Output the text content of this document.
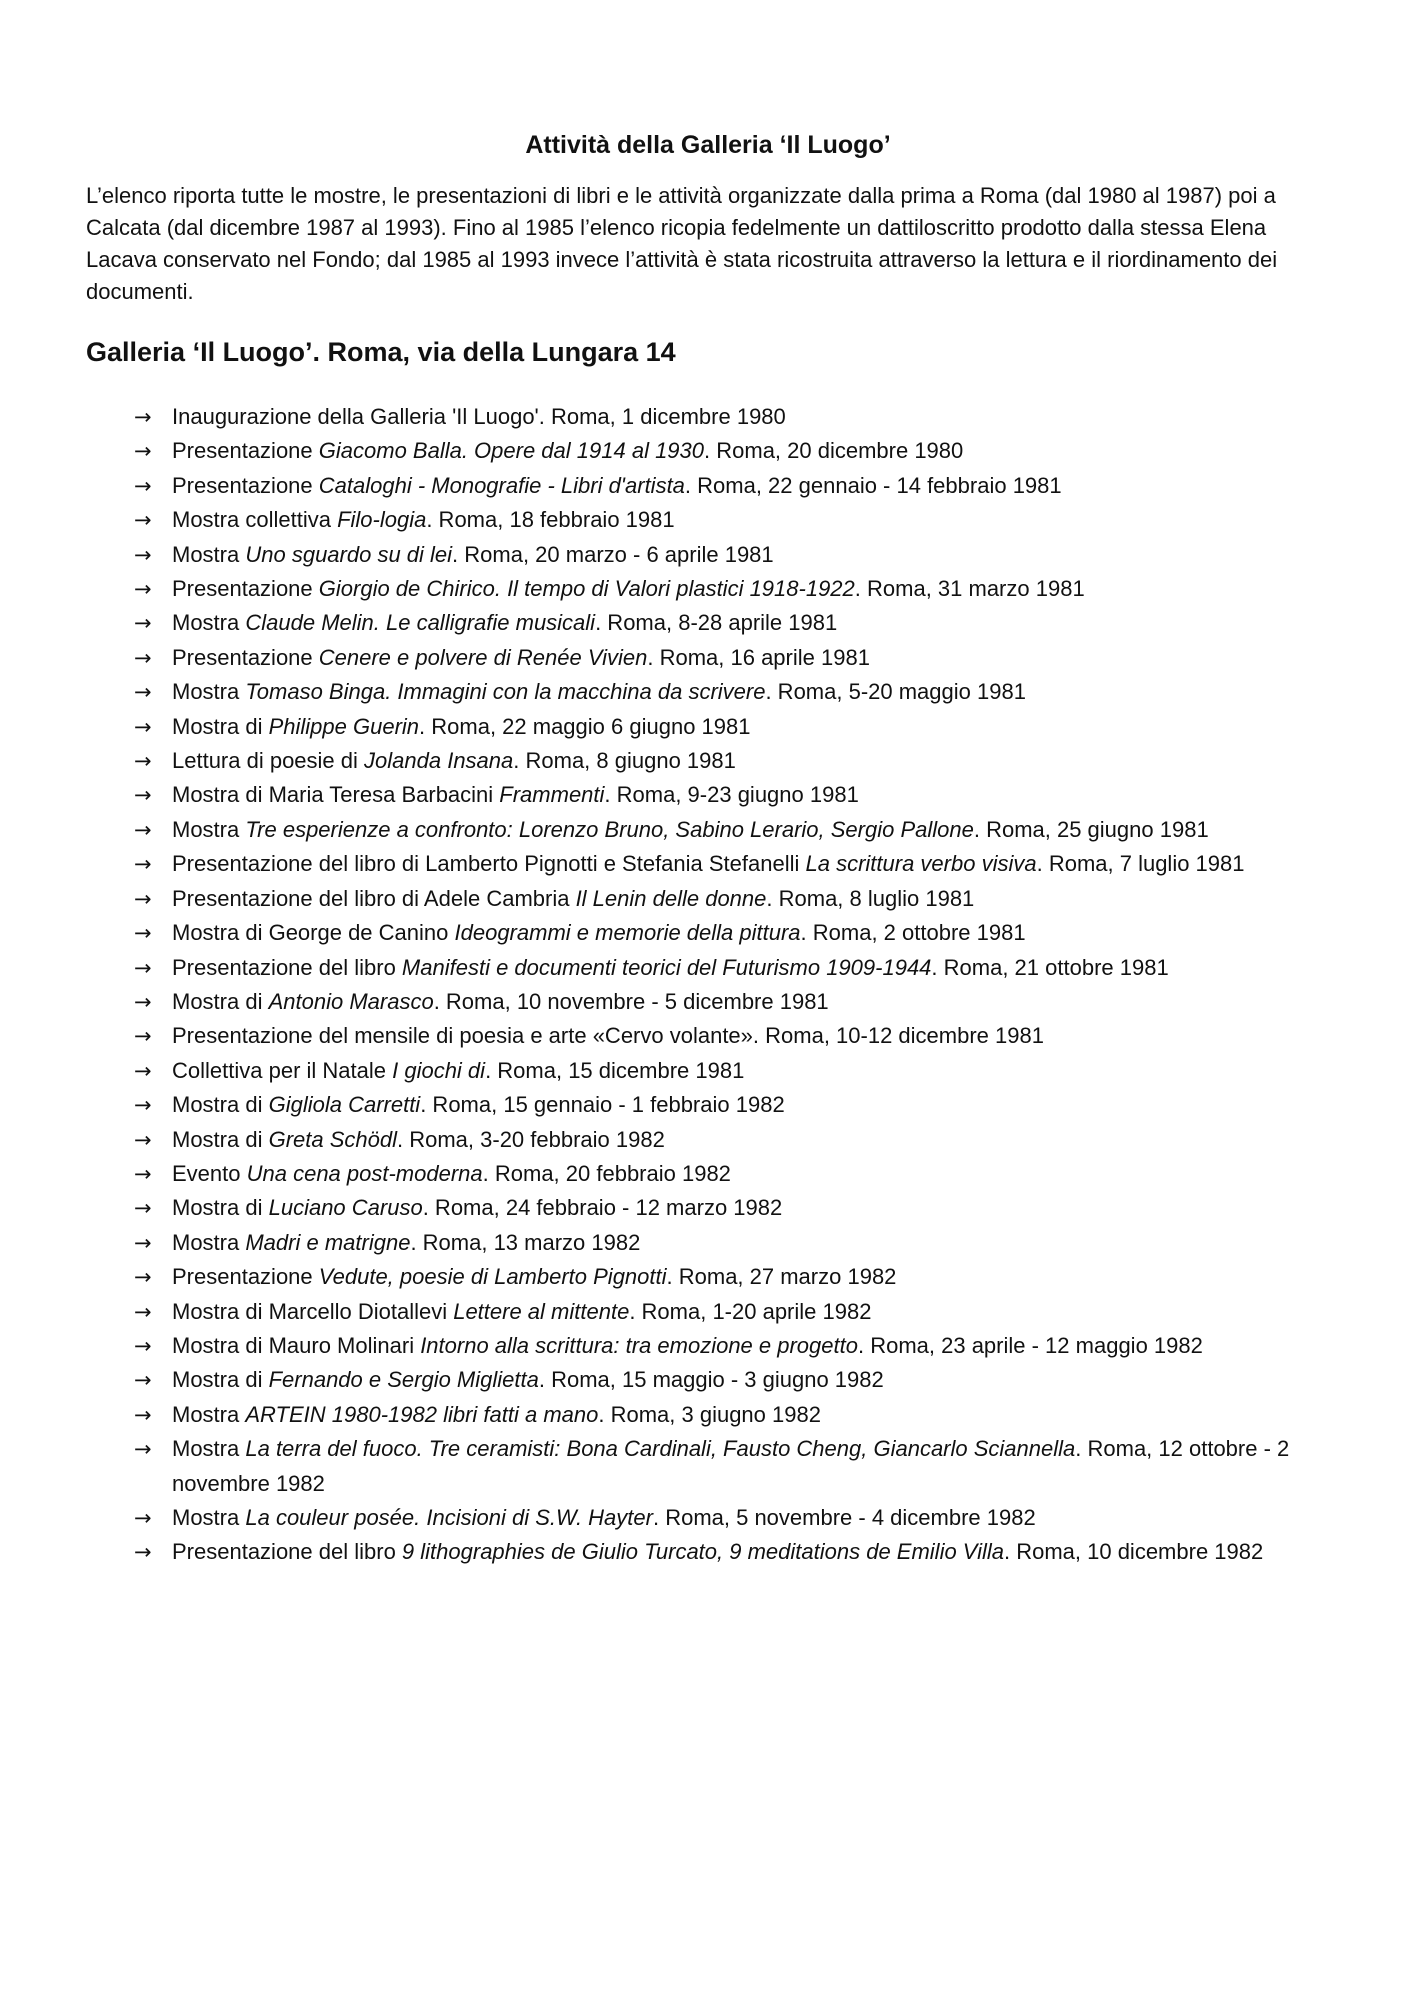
Attività della Galleria ‘Il Luogo’

L’elenco riporta tutte le mostre, le presentazioni di libri e le attività organizzate dalla prima a Roma (dal 1980 al 1987) poi a Calcata (dal dicembre 1987 al 1993). Fino al 1985 l’elenco ricopia fedelmente un dattiloscritto prodotto dalla stessa Elena Lacava conservato nel Fondo; dal 1985 al 1993 invece l’attività è stata ricostruita attraverso la lettura e il riordinamento dei documenti.

Galleria ‘Il Luogo’. Roma, via della Lungara 14
→ Inaugurazione della Galleria 'Il Luogo'. Roma, 1 dicembre 1980
→ Presentazione Giacomo Balla. Opere dal 1914 al 1930. Roma, 20 dicembre 1980
→ Presentazione Cataloghi - Monografie - Libri d'artista. Roma, 22 gennaio - 14 febbraio 1981
→ Mostra collettiva Filo-logia. Roma, 18 febbraio 1981
→ Mostra Uno sguardo su di lei. Roma, 20 marzo - 6 aprile 1981
→ Presentazione Giorgio de Chirico. Il tempo di Valori plastici 1918-1922. Roma, 31 marzo 1981
→ Mostra Claude Melin. Le calligrafie musicali. Roma, 8-28 aprile 1981
→ Presentazione Cenere e polvere di Renée Vivien. Roma, 16 aprile 1981
→ Mostra Tomaso Binga. Immagini con la macchina da scrivere. Roma, 5-20 maggio 1981
→ Mostra di Philippe Guerin. Roma, 22 maggio 6 giugno 1981
→ Lettura di poesie di Jolanda Insana. Roma, 8 giugno 1981
→ Mostra di Maria Teresa Barbacini Frammenti. Roma, 9-23 giugno 1981
→ Mostra Tre esperienze a confronto: Lorenzo Bruno, Sabino Lerario, Sergio Pallone. Roma, 25 giugno 1981
→ Presentazione del libro di Lamberto Pignotti e Stefania Stefanelli La scrittura verbo visiva. Roma, 7 luglio 1981
→ Presentazione del libro di Adele Cambria Il Lenin delle donne. Roma, 8 luglio 1981
→ Mostra di George de Canino Ideogrammi e memorie della pittura. Roma, 2 ottobre 1981
→ Presentazione del libro Manifesti e documenti teorici del Futurismo 1909-1944. Roma, 21 ottobre 1981
→ Mostra di Antonio Marasco. Roma, 10 novembre - 5 dicembre 1981
→ Presentazione del mensile di poesia e arte «Cervo volante». Roma, 10-12 dicembre 1981
→ Collettiva per il Natale I giochi di. Roma, 15 dicembre 1981
→ Mostra di Gigliola Carretti. Roma, 15 gennaio - 1 febbraio 1982
→ Mostra di Greta Schödl. Roma, 3-20 febbraio 1982
→ Evento Una cena post-moderna. Roma, 20 febbraio 1982
→ Mostra di Luciano Caruso. Roma, 24 febbraio - 12 marzo 1982
→ Mostra Madri e matrigne. Roma, 13 marzo 1982
→ Presentazione Vedute, poesie di Lamberto Pignotti. Roma, 27 marzo 1982
→ Mostra di Marcello Diotallevi Lettere al mittente. Roma, 1-20 aprile 1982
→ Mostra di Mauro Molinari Intorno alla scrittura: tra emozione e progetto. Roma, 23 aprile - 12 maggio 1982
→ Mostra di Fernando e Sergio Miglietta. Roma, 15 maggio - 3 giugno 1982
→ Mostra ARTEIN 1980-1982 libri fatti a mano. Roma, 3 giugno 1982
→ Mostra La terra del fuoco. Tre ceramisti: Bona Cardinali, Fausto Cheng, Giancarlo Sciannella. Roma, 12 ottobre - 2 novembre 1982
→ Mostra La couleur posée. Incisioni di S.W. Hayter. Roma, 5 novembre - 4 dicembre 1982
→ Presentazione del libro 9 lithographies de Giulio Turcato, 9 meditations de Emilio Villa. Roma, 10 dicembre 1982
